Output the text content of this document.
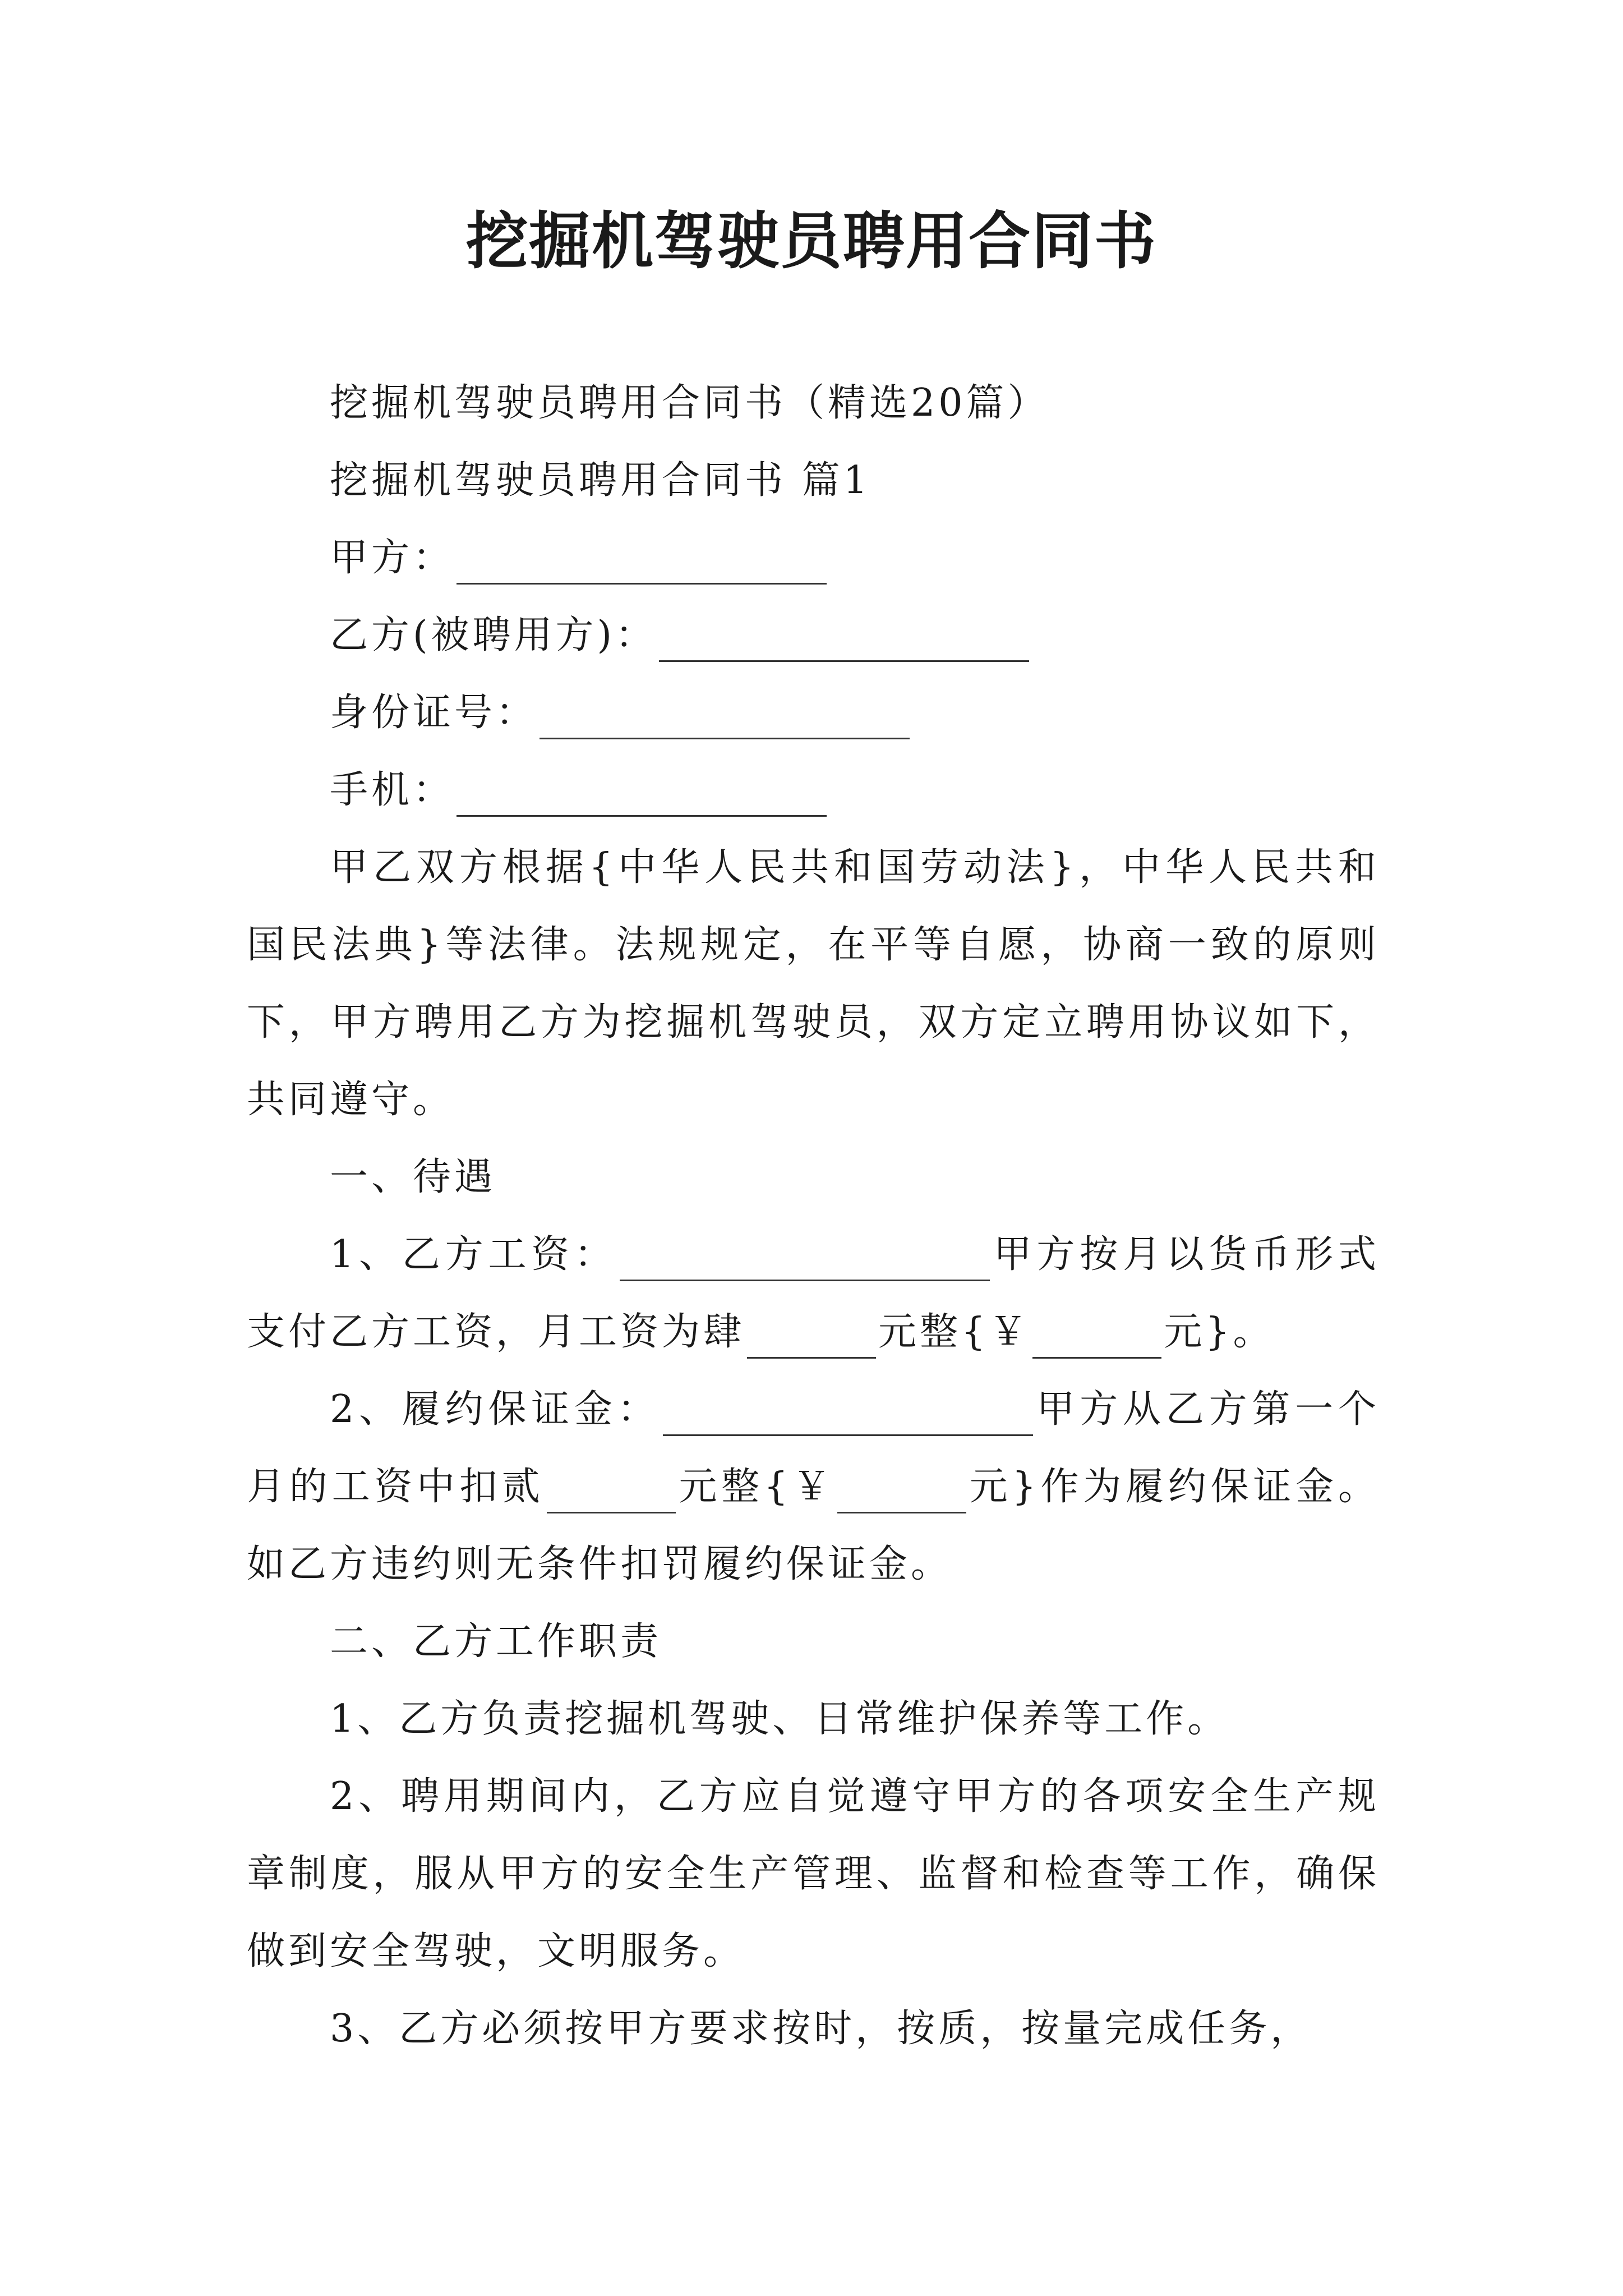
挖掘机驾驶员聘用合同书

挖掘机驾驶员聘用合同书（精选20篇）

挖掘机驾驶员聘用合同书 篇1

甲方：

乙方(被聘用方)：

身份证号：

手机：

甲乙双方根据{中华人民共和国劳动法}，中华人民共和国民法典}等法律。法规规定，在平等自愿，协商一致的原则下，甲方聘用乙方为挖掘机驾驶员，双方定立聘用协议如下，共同遵守。

一、待遇

1、乙方工资：	甲方按月以货币形式支付乙方工资，月工资为肆	元整{￥	元}。

2、履约保证金：	甲方从乙方第一个月的工资中扣贰	元整{￥	元}作为履约保证金。如乙方违约则无条件扣罚履约保证金。

二、乙方工作职责

1、乙方负责挖掘机驾驶、日常维护保养等工作。

2、聘用期间内，乙方应自觉遵守甲方的各项安全生产规章制度，服从甲方的安全生产管理、监督和检查等工作，确保做到安全驾驶，文明服务。

3、乙方必须按甲方要求按时，按质，按量完成任务，
